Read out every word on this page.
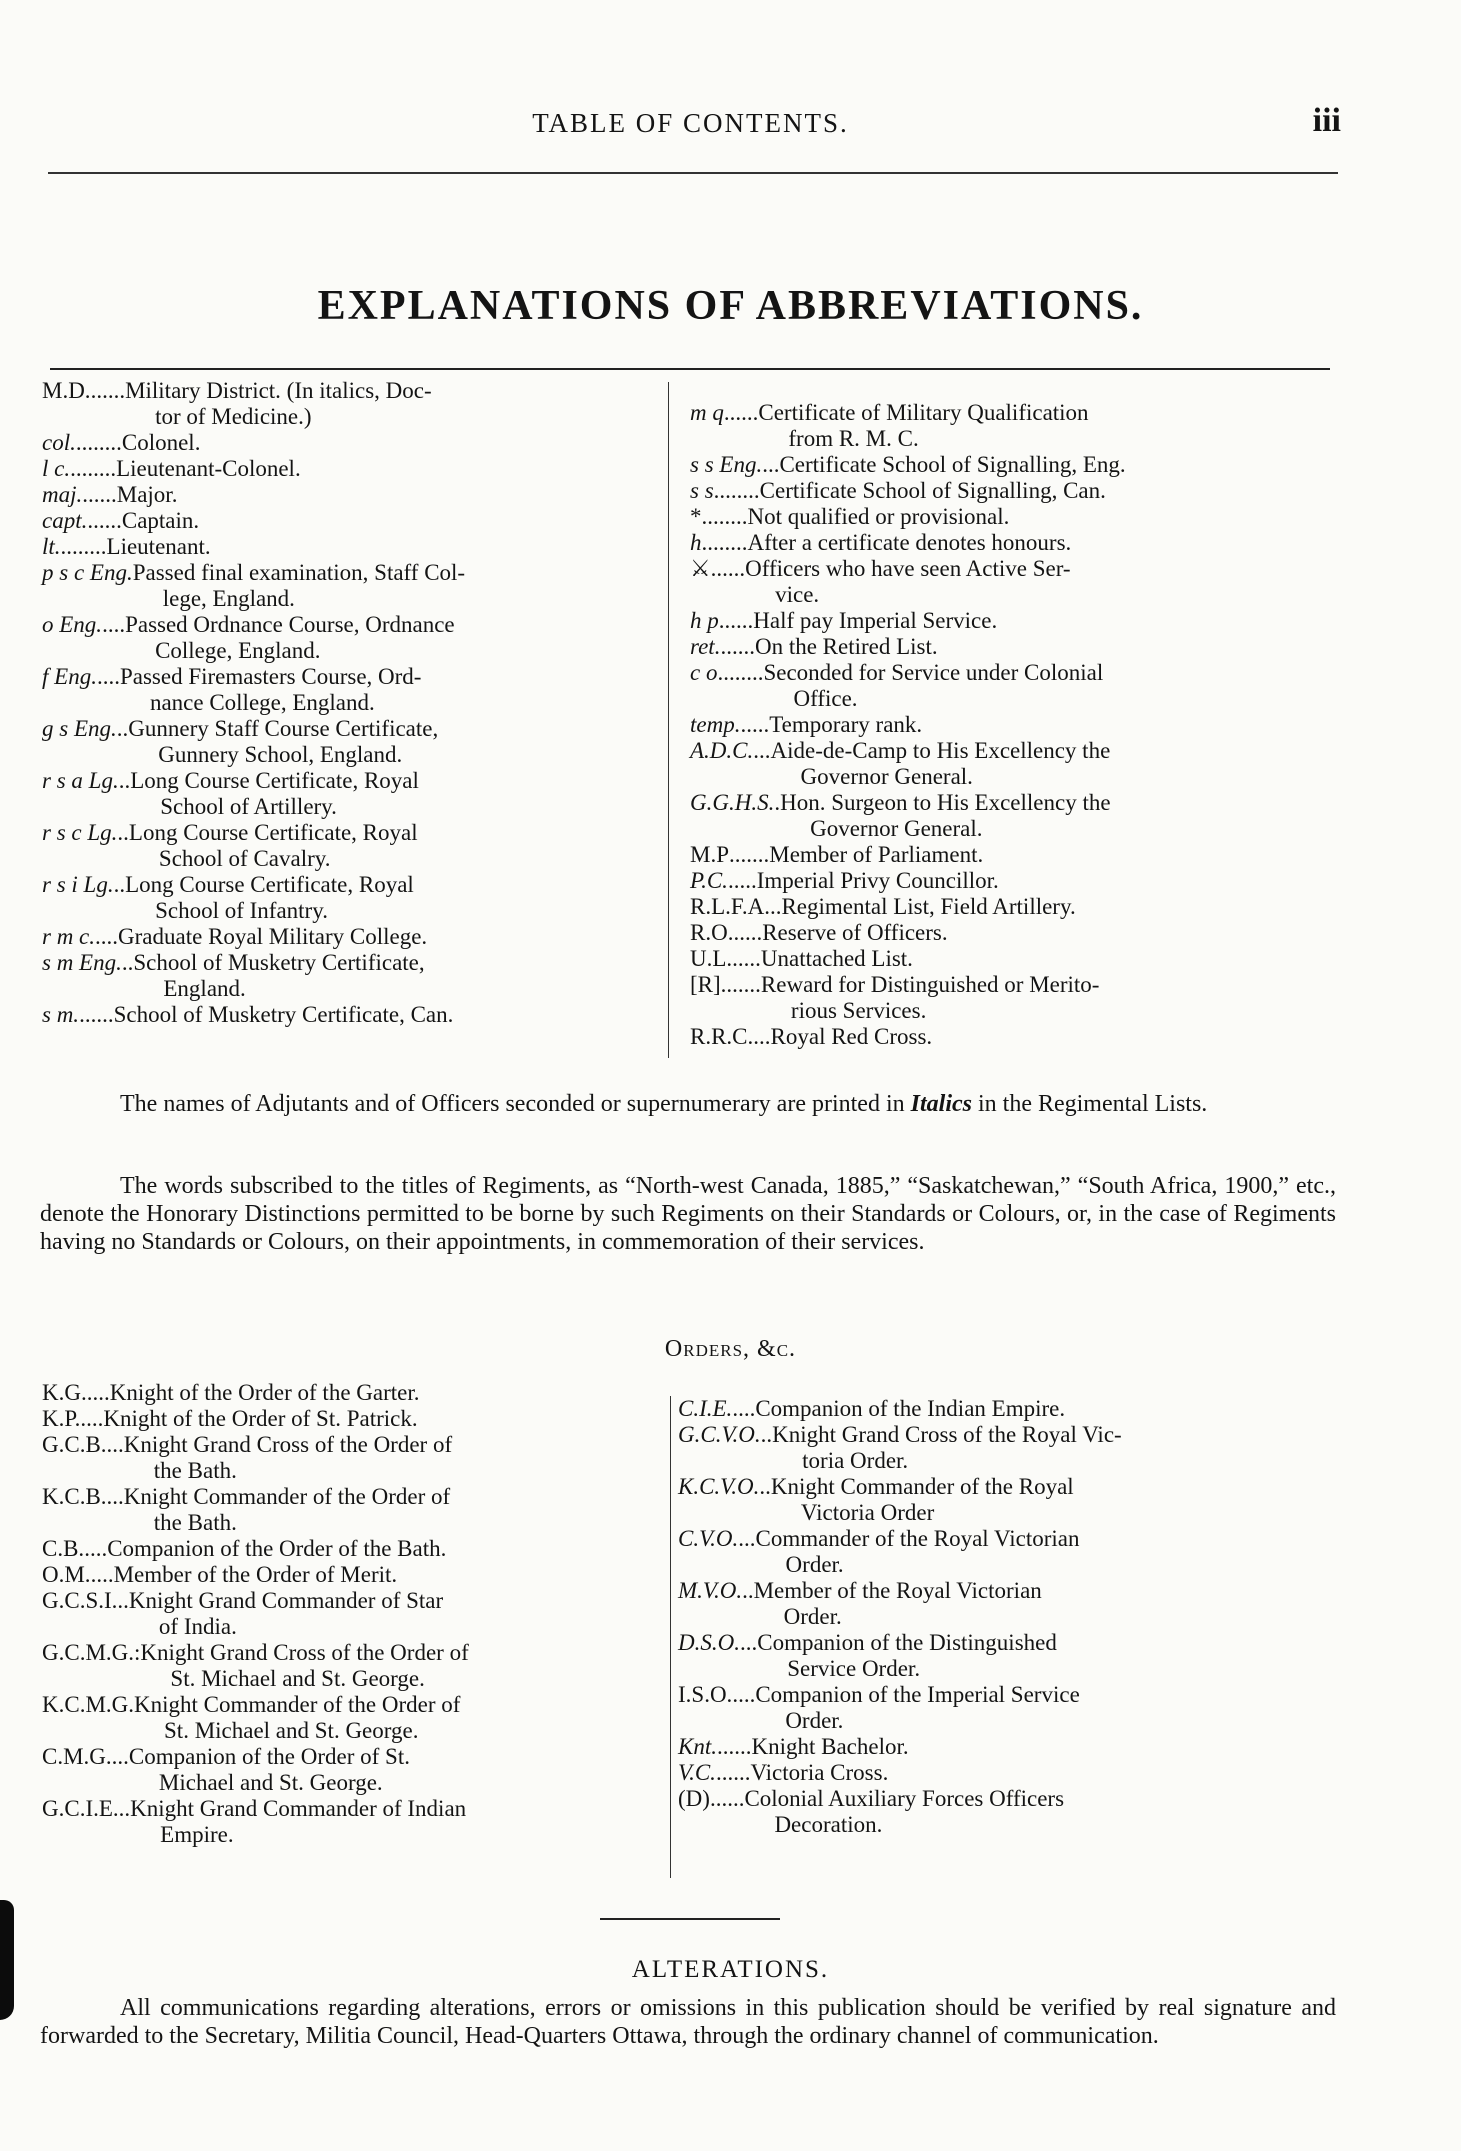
TABLE OF CONTENTS.	iii
EXPLANATIONS OF ABBREVIATIONS.
M.D. ...... Military District. (In italics, Doc-
tor of Medicine.)
col. ........ Colonel.
l c. ........ Lieutenant-Colonel.
maj. ...... Major.
capt. ...... Captain.
lt. ........ Lieutenant.
p s c Eng. Passed final examination, Staff Col-
lege, England.
o Eng. .... Passed Ordnance Course, Ordnance
College, England.
f Eng. .... Passed Firemasters Course, Ord-
nance College, England.
g s Eng. .. Gunnery Staff Course Certificate,
Gunnery School, England.
r s a Lg. .. Long Course Certificate, Royal
School of Artillery.
r s c Lg. .. Long Course Certificate, Royal
School of Cavalry.
r s i Lg. .. Long Course Certificate, Royal
School of Infantry.
r m c. .... Graduate Royal Military College.
s m Eng. .. School of Musketry Certificate,
England.
s m. ...... School of Musketry Certificate, Can.
m q ...... Certificate of Military Qualification
from R. M. C.
s s Eng. ... Certificate School of Signalling, Eng.
s s ........ Certificate School of Signalling, Can.
* ........ Not qualified or provisional.
h ........ After a certificate denotes honours.
⚔ ...... Officers who have seen Active Ser-
vice.
h p ...... Half pay Imperial Service.
ret. ...... On the Retired List.
c o ........ Seconded for Service under Colonial
Office.
temp. ..... Temporary rank.
A.D.C. ... Aide-de-Camp to His Excellency the
Governor General.
G.G.H.S. . Hon. Surgeon to His Excellency the
Governor General.
M.P ....... Member of Parliament.
P.C. ..... Imperial Privy Councillor.
R.L.F.A. .. Regimental List, Field Artillery.
R.O. ..... Reserve of Officers.
U.L. ..... Unattached List.
[R] ....... Reward for Distinguished or Merito-
rious Services.
R.R.C. ... Royal Red Cross.
The names of Adjutants and of Officers seconded or supernumerary are printed in Italics in the Regimental Lists.
The words subscribed to the titles of Regiments, as “North-west Canada, 1885,” “Saskatchewan,” “South Africa, 1900,” etc., denote the Honorary Distinctions permitted to be borne by such Regiments on their Standards or Colours, or, in the case of Regiments having no Standards or Colours, on their appointments, in commemoration of their services.
Orders, &c.
K.G. .... Knight of the Order of the Garter.
K.P. .... Knight of the Order of St. Patrick.
G.C.B. ... Knight Grand Cross of the Order of
the Bath.
K.C.B. ... Knight Commander of the Order of
the Bath.
C.B. .... Companion of the Order of the Bath.
O.M. .... Member of the Order of Merit.
G.C.S.I. .. Knight Grand Commander of Star
of India.
G.C.M.G. : Knight Grand Cross of the Order of
St. Michael and St. George.
K.C.M.G. Knight Commander of the Order of
St. Michael and St. George.
C.M.G. ... Companion of the Order of St.
Michael and St. George.
G.C.I.E. .. Knight Grand Commander of Indian
Empire.
C.I.E. .... Companion of the Indian Empire.
G.C.V.O. .. Knight Grand Cross of the Royal Vic-
toria Order.
K.C.V.O. .. Knight Commander of the Royal
Victoria Order
C.V.O. ... Commander of the Royal Victorian
Order.
M.V.O. .. Member of the Royal Victorian
Order.
D.S.O. ... Companion of the Distinguished
Service Order.
I.S.O. .... Companion of the Imperial Service
Order.
Knt. ...... Knight Bachelor.
V.C. ...... Victoria Cross.
(D) ...... Colonial Auxiliary Forces Officers
Decoration.
ALTERATIONS.
All communications regarding alterations, errors or omissions in this publication should be verified by real signature and forwarded to the Secretary, Militia Council, Head-Quarters Ottawa, through the ordinary channel of communication.
